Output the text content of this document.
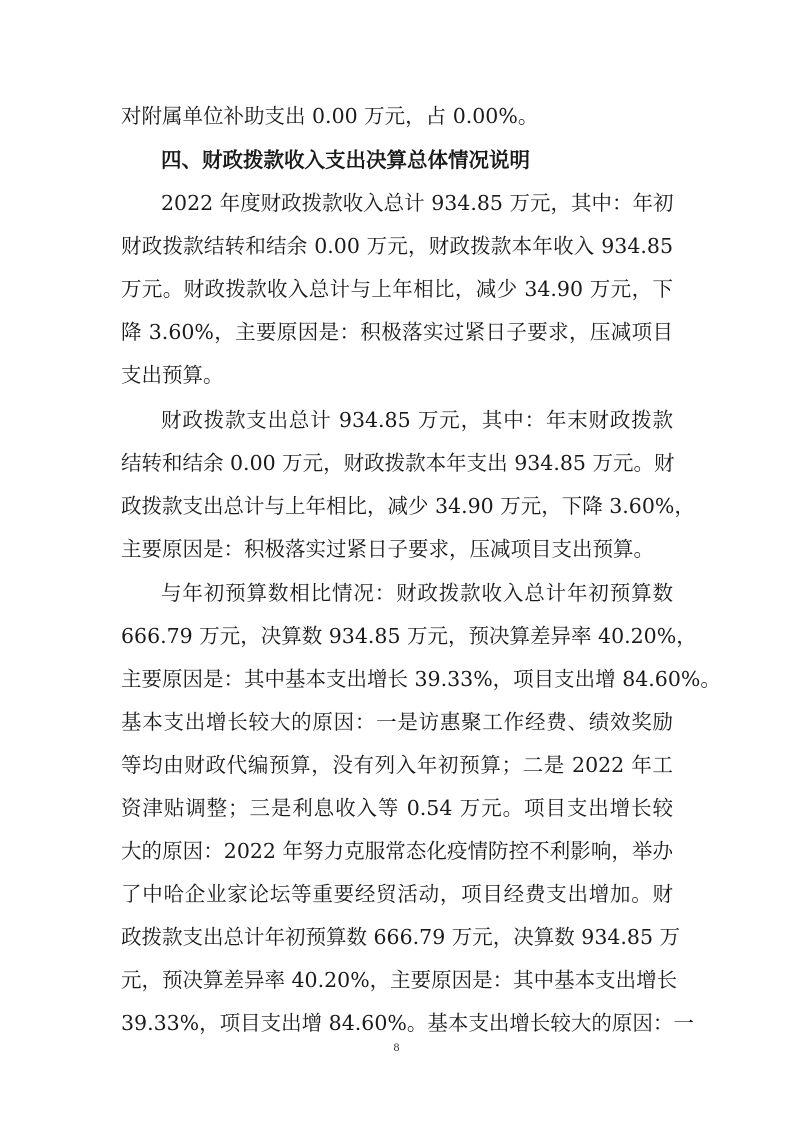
对附属单位补助支出 0.00 万元，占 0.00%。
四、财政拨款收入支出决算总体情况说明
2022 年度财政拨款收入总计 934.85 万元，其中：年初
财政拨款结转和结余 0.00 万元，财政拨款本年收入 934.85
万元。财政拨款收入总计与上年相比，减少 34.90 万元，下
降 3.60%，主要原因是：积极落实过紧日子要求，压减项目
支出预算。
财政拨款支出总计 934.85 万元，其中：年末财政拨款
结转和结余 0.00 万元，财政拨款本年支出 934.85 万元。财
政拨款支出总计与上年相比，减少 34.90 万元，下降 3.60%，
主要原因是：积极落实过紧日子要求，压减项目支出预算。
与年初预算数相比情况：财政拨款收入总计年初预算数
666.79 万元，决算数 934.85 万元，预决算差异率 40.20%，
主要原因是：其中基本支出增长 39.33%，项目支出增 84.60%。
基本支出增长较大的原因：一是访惠聚工作经费、绩效奖励
等均由财政代编预算，没有列入年初预算；二是 2022 年工
资津贴调整；三是利息收入等 0.54 万元。项目支出增长较
大的原因：2022 年努力克服常态化疫情防控不利影响，举办
了中哈企业家论坛等重要经贸活动，项目经费支出增加。财
政拨款支出总计年初预算数 666.79 万元，决算数 934.85 万
元，预决算差异率 40.20%，主要原因是：其中基本支出增长
39.33%，项目支出增 84.60%。基本支出增长较大的原因：一
8
